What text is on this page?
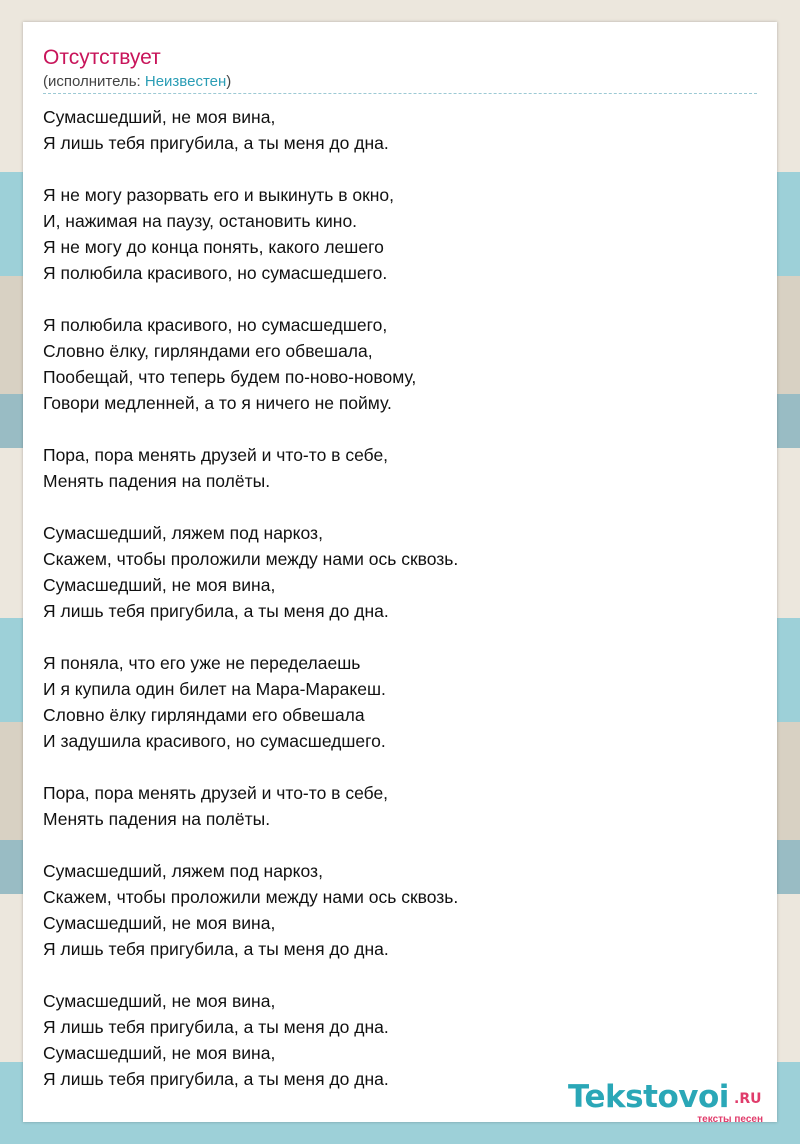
Отсутствует
(исполнитель: Неизвестен)
Сумасшедший, не моя вина,
Я лишь тебя пригубила, а ты меня до дна.
Я не могу разорвать его и выкинуть в окно,
И, нажимая на паузу, остановить кино.
Я не могу до конца понять, какого лешего
Я полюбила красивого, но сумасшедшего.
Я полюбила красивого, но сумасшедшего,
Словно ёлку, гирляндами его обвешала,
Пообещай, что теперь будем по-ново-новому,
Говори медленней, а то я ничего не пойму.
Пора, пора менять друзей и что-то в себе,
Менять падения на полёты.
Сумасшедший, ляжем под наркоз,
Скажем, чтобы проложили между нами ось сквозь.
Сумасшедший, не моя вина,
Я лишь тебя пригубила, а ты меня до дна.
Я поняла, что его уже не переделаешь
И я купила один билет на Мара-Маракеш.
Словно ёлку гирляндами его обвешала
И задушила красивого, но сумасшедшего.
Пора, пора менять друзей и что-то в себе,
Менять падения на полёты.
Сумасшедший, ляжем под наркоз,
Скажем, чтобы проложили между нами ось сквозь.
Сумасшедший, не моя вина,
Я лишь тебя пригубила, а ты меня до дна.
Сумасшедший, не моя вина,
Я лишь тебя пригубила, а ты меня до дна.
Сумасшедший, не моя вина,
Я лишь тебя пригубила, а ты меня до дна.	Tekstovoi .RU
тексты песен
